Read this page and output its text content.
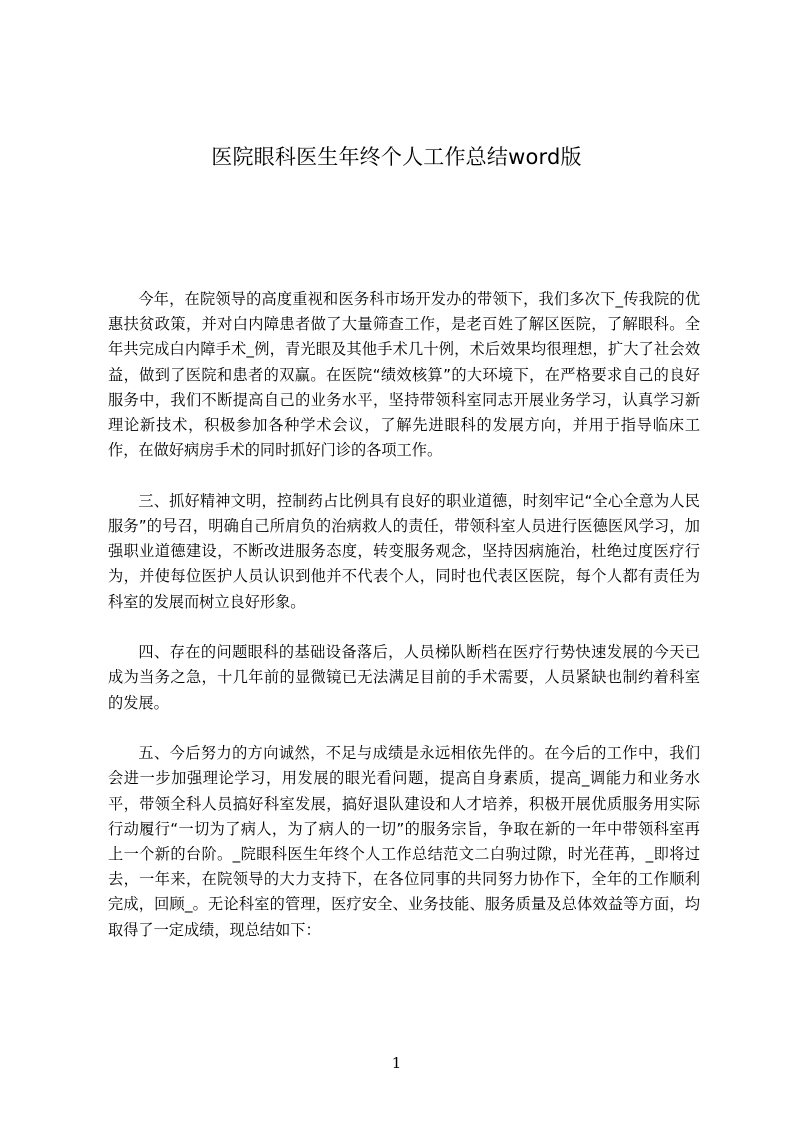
医院眼科医生年终个人工作总结word版

今年，在院领导的高度重视和医务科市场开发办的带领下，我们多次下_传我院的优惠扶贫政策，并对白内障患者做了大量筛查工作，是老百姓了解区医院，了解眼科。全年共完成白内障手术_例，青光眼及其他手术几十例，术后效果均很理想，扩大了社会效益，做到了医院和患者的双赢。在医院“绩效核算”的大环境下，在严格要求自己的良好服务中，我们不断提高自己的业务水平，坚持带领科室同志开展业务学习，认真学习新理论新技术，积极参加各种学术会议，了解先进眼科的发展方向，并用于指导临床工作，在做好病房手术的同时抓好门诊的各项工作。

三、抓好精神文明，控制药占比例具有良好的职业道德，时刻牢记“全心全意为人民服务”的号召，明确自己所肩负的治病救人的责任，带领科室人员进行医德医风学习，加强职业道德建设，不断改进服务态度，转变服务观念，坚持因病施治，杜绝过度医疗行为，并使每位医护人员认识到他并不代表个人，同时也代表区医院，每个人都有责任为科室的发展而树立良好形象。

四、存在的问题眼科的基础设备落后，人员梯队断档在医疗行势快速发展的今天已成为当务之急，十几年前的显微镜已无法满足目前的手术需要，人员紧缺也制约着科室的发展。

五、今后努力的方向诚然，不足与成绩是永远相依先伴的。在今后的工作中，我们会进一步加强理论学习，用发展的眼光看问题，提高自身素质，提高_调能力和业务水平，带领全科人员搞好科室发展，搞好退队建设和人才培养，积极开展优质服务用实际行动履行“一切为了病人，为了病人的一切”的服务宗旨，争取在新的一年中带领科室再上一个新的台阶。_院眼科医生年终个人工作总结范文二白驹过隙，时光荏苒，_即将过去，一年来，在院领导的大力支持下，在各位同事的共同努力协作下，全年的工作顺利完成，回顾_。无论科室的管理，医疗安全、业务技能、服务质量及总体效益等方面，均取得了一定成绩，现总结如下：

1
